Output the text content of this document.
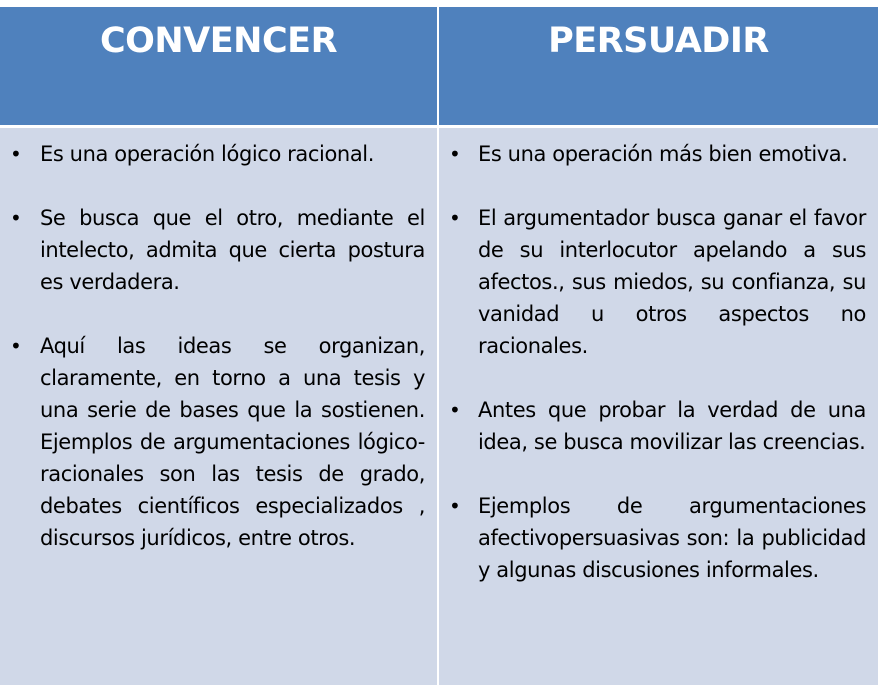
CONVENCER	PERSUADIR
• Es una operación lógico racional.
• Se busca que el otro, mediante el intelecto, admita que cierta postura es verdadera.
• Aquí las ideas se organizan, claramente, en torno a una tesis y una serie de bases que la sostienen. Ejemplos de argumentaciones lógico-racionales son las tesis de grado, debates científicos especializados , discursos jurídicos, entre otros.
• Es una operación más bien emotiva.
• El argumentador busca ganar el favor de su interlocutor apelando a sus afectos., sus miedos, su confianza, su vanidad u otros aspectos no racionales.
• Antes que probar la verdad de una idea, se busca movilizar las creencias.
• Ejemplos de argumentaciones afectivopersuasivas son: la publicidad y algunas discusiones informales.
